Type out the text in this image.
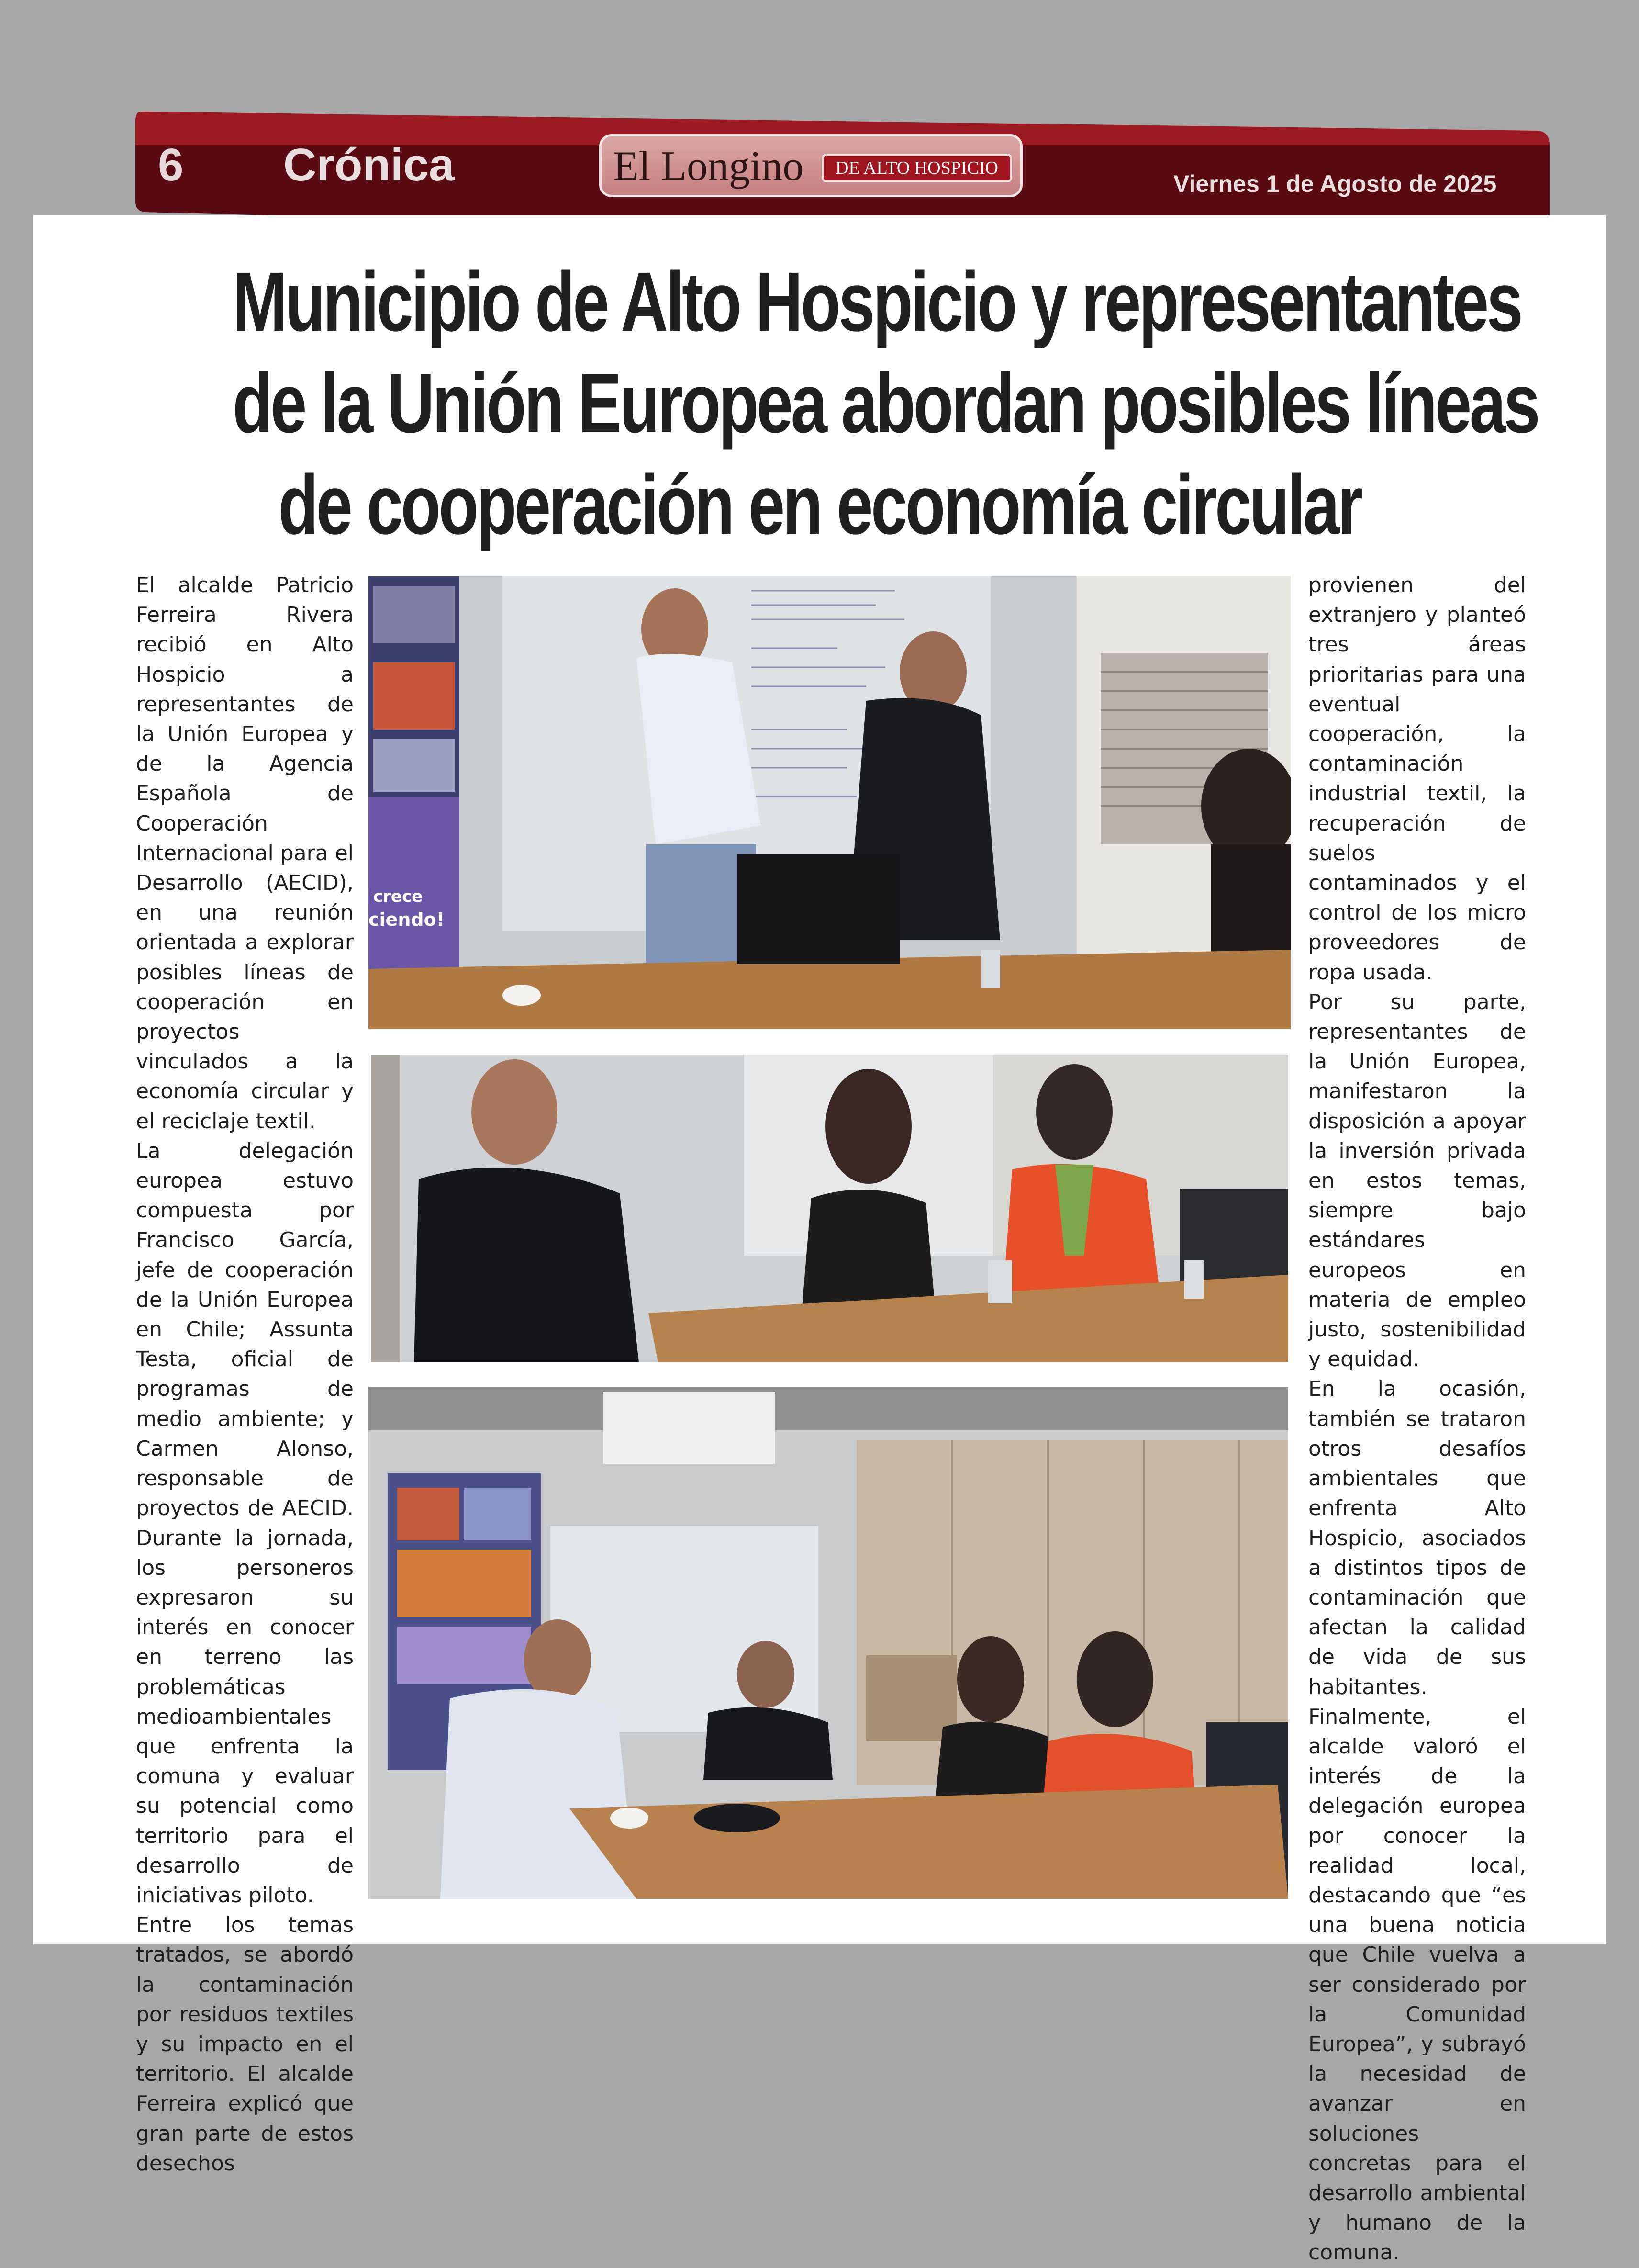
6 Crónica	El Longino	DE ALTO HOSPICIO
Viernes 1 de Agosto de 2025
Municipio de Alto Hospicio y representantes
de la Unión Europea abordan posibles líneas
de cooperación en economía circular

El alcalde Patricio Ferreira Rivera recibió en Alto Hospicio a representantes de la Unión Europea y de la Agencia Española de Cooperación Internacional para el Desarrollo (AECID), en una reunión orientada a explorar posibles líneas de cooperación en proyectos vinculados a la economía circular y el reciclaje textil.

La delegación europea estuvo compuesta por Francisco García, jefe de cooperación de la Unión Europea en Chile; Assunta Testa, oficial de programas de medio ambiente; y Carmen Alonso, responsable de proyectos de AECID. Durante la jornada, los personeros expresaron su interés en conocer en terreno las problemáticas medioambientales que enfrenta la comuna y evaluar su potencial como territorio para el desarrollo de iniciativas piloto.

Entre los temas tratados, se abordó la contaminación por residuos textiles y su impacto en el territorio. El alcalde Ferreira explicó que gran parte de estos desechos

crece
ciendo!

provienen del extranjero y planteó tres áreas prioritarias para una eventual cooperación, la contaminación industrial textil, la recuperación de suelos contaminados y el control de los micro proveedores de ropa usada.

Por su parte, representantes de la Unión Europea, manifestaron la disposición a apoyar la inversión privada en estos temas, siempre bajo estándares europeos en materia de empleo justo, sostenibilidad y equidad.

En la ocasión, también se trataron otros desafíos ambientales que enfrenta Alto Hospicio, asociados a distintos tipos de contaminación que afectan la calidad de vida de sus habitantes.

Finalmente, el alcalde valoró el interés de la delegación europea por conocer la realidad local, destacando que “es una buena noticia que Chile vuelva a ser considerado por la Comunidad Europea”, y subrayó la necesidad de avanzar en soluciones concretas para el desarrollo ambiental y humano de la comuna.
